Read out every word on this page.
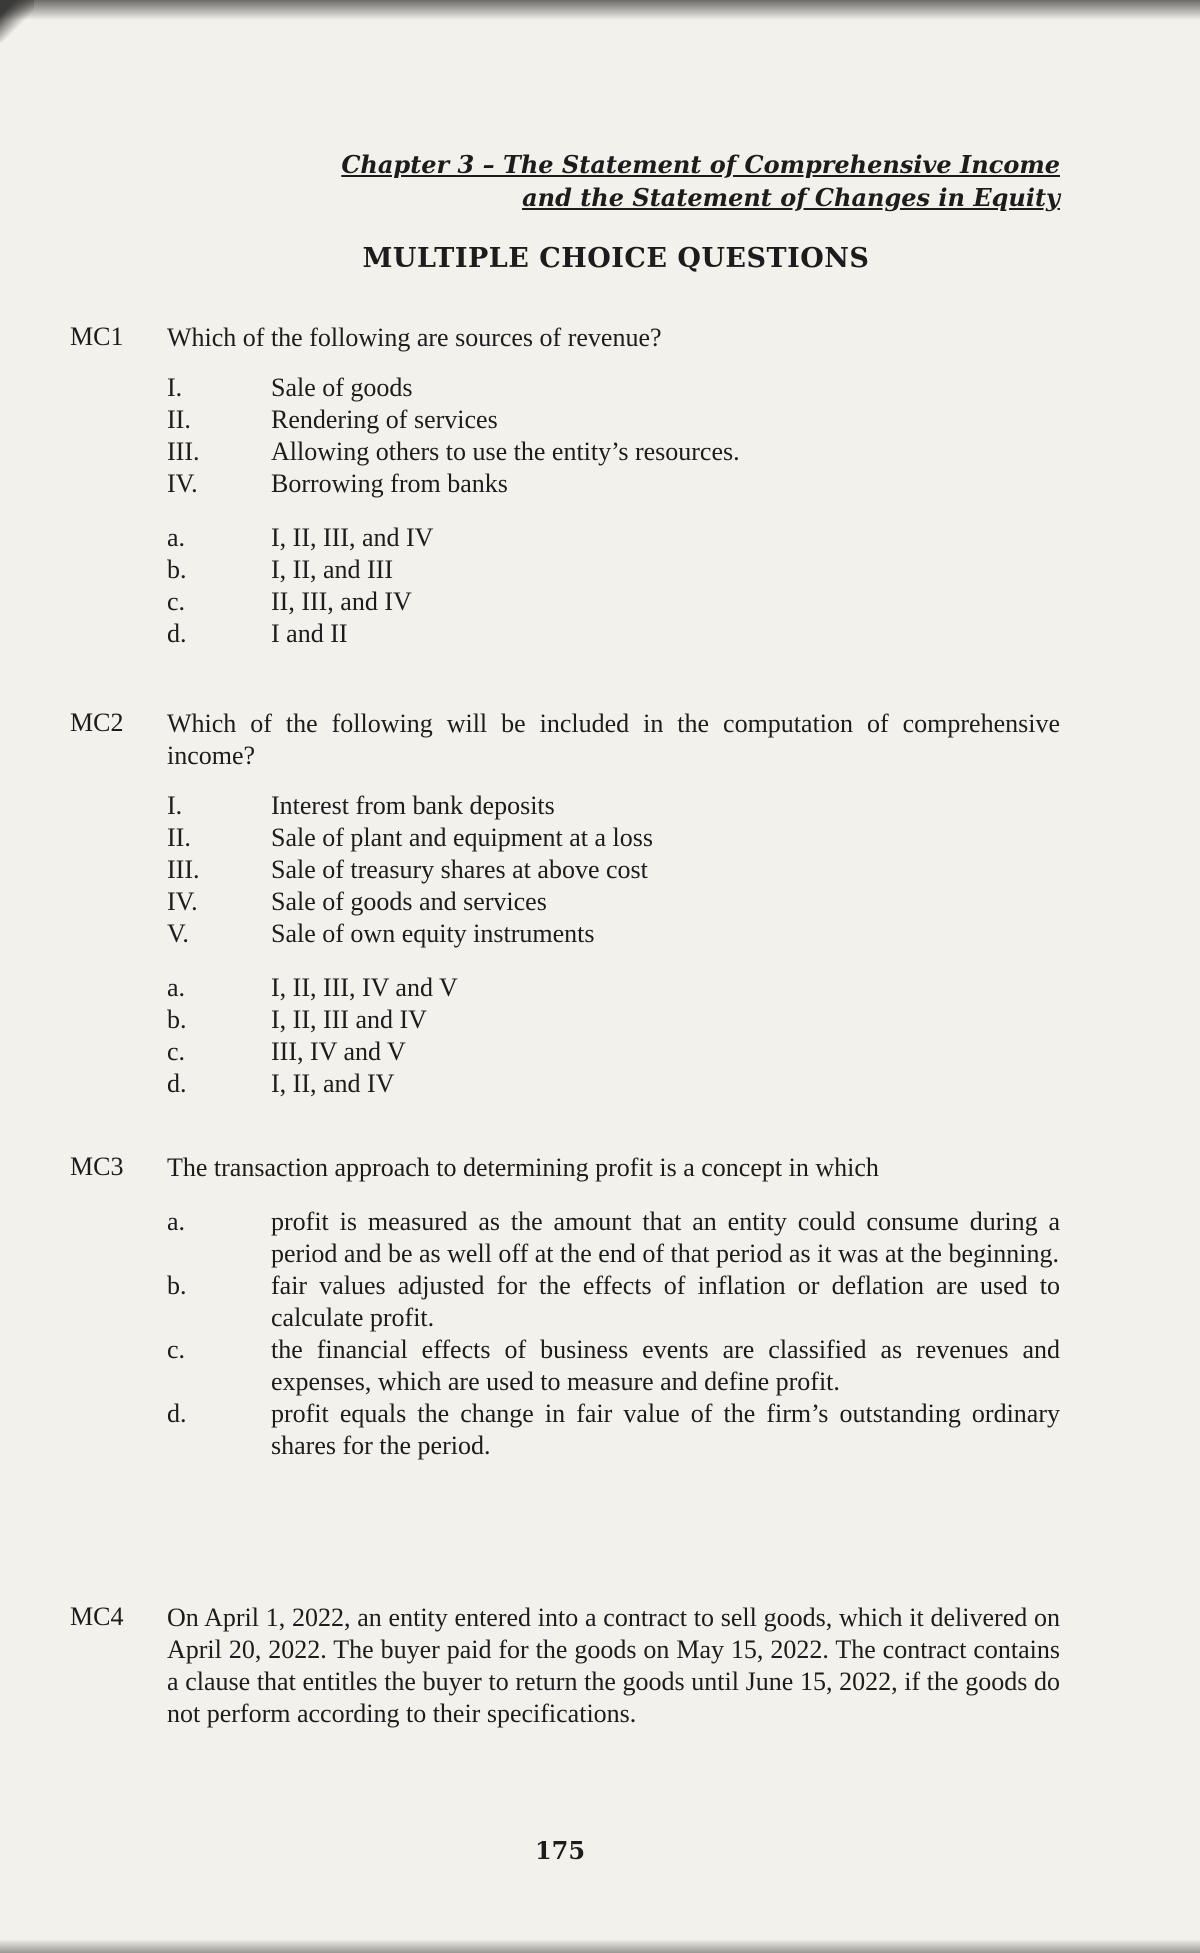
Chapter 3 – The Statement of Comprehensive Income
and the Statement of Changes in Equity
MULTIPLE CHOICE QUESTIONS
MC1 Which of the following are sources of revenue?
I.	Sale of goods
II.	Rendering of services
III.	Allowing others to use the entity’s resources.
IV.	Borrowing from banks
a.	I, II, III, and IV
b.	I, II, and III
c.	II, III, and IV
d.	I and II
MC2 Which of the following will be included in the computation of comprehensive income?
I.	Interest from bank deposits
II.	Sale of plant and equipment at a loss
III.	Sale of treasury shares at above cost
IV.	Sale of goods and services
V.	Sale of own equity instruments
a.	I, II, III, IV and V
b.	I, II, III and IV
c.	III, IV and V
d.	I, II, and IV
MC3 The transaction approach to determining profit is a concept in which
a.	profit is measured as the amount that an entity could consume during a period and be as well off at the end of that period as it was at the beginning.
b.	fair values adjusted for the effects of inflation or deflation are used to calculate profit.
c.	the financial effects of business events are classified as revenues and expenses, which are used to measure and define profit.
d.	profit equals the change in fair value of the firm’s outstanding ordinary shares for the period.
MC4 On April 1, 2022, an entity entered into a contract to sell goods, which it delivered on April 20, 2022. The buyer paid for the goods on May 15, 2022. The contract contains a clause that entitles the buyer to return the goods until June 15, 2022, if the goods do not perform according to their specifications.
175
